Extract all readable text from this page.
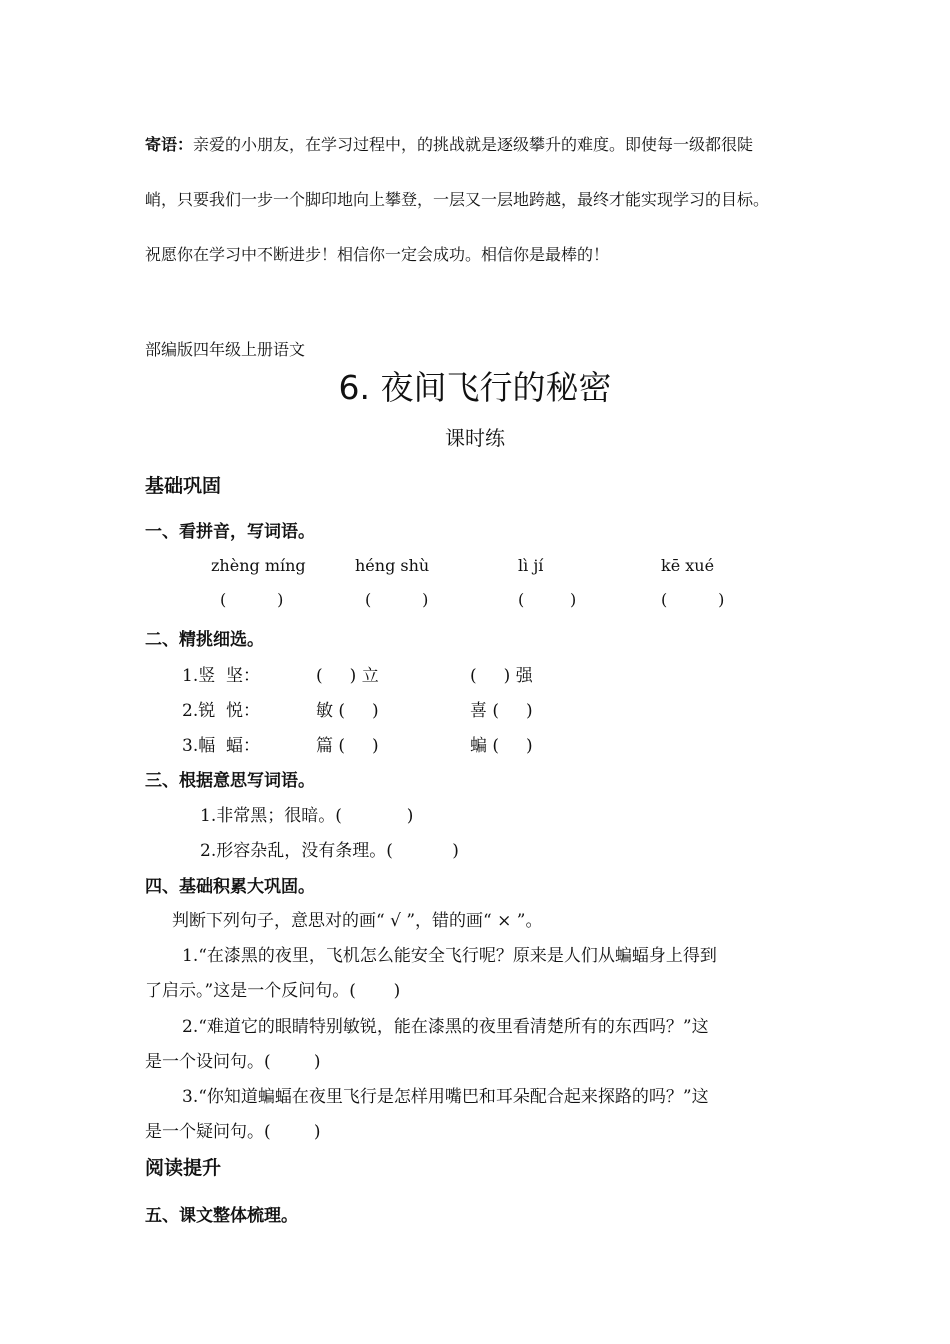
寄语：亲爱的小朋友，在学习过程中，的挑战就是逐级攀升的难度。即使每一级都很陡
峭，只要我们一步一个脚印地向上攀登，一层又一层地跨越，最终才能实现学习的目标。
祝愿你在学习中不断进步！相信你一定会成功。相信你是最棒的！
部编版四年级上册语文
6. 夜间飞行的秘密
课时练
基础巩固
一、看拼音，写词语。
zhèng míng	héng shù	lì jí	kē xué
(          )	(          )	(         )	(          )
二、精挑细选。
1.竖  坚：	(     ) 立	(     ) 强
2.锐  悦：	敏 (     )	喜 (     )
3.幅  蝠：	篇 (     )	蝙 (     )
三、根据意思写词语。
1.非常黑；很暗。(            )
2.形容杂乱，没有条理。(           )
四、基础积累大巩固。
判断下列句子，意思对的画“ √ ”，错的画“ × ”。
1.“在漆黑的夜里，飞机怎么能安全飞行呢？原来是人们从蝙蝠身上得到
了启示。”这是一个反问句。(       )
2.“难道它的眼睛特别敏锐，能在漆黑的夜里看清楚所有的东西吗？”这
是一个设问句。(        )
3.“你知道蝙蝠在夜里飞行是怎样用嘴巴和耳朵配合起来探路的吗？”这
是一个疑问句。(        )
阅读提升
五、课文整体梳理。
